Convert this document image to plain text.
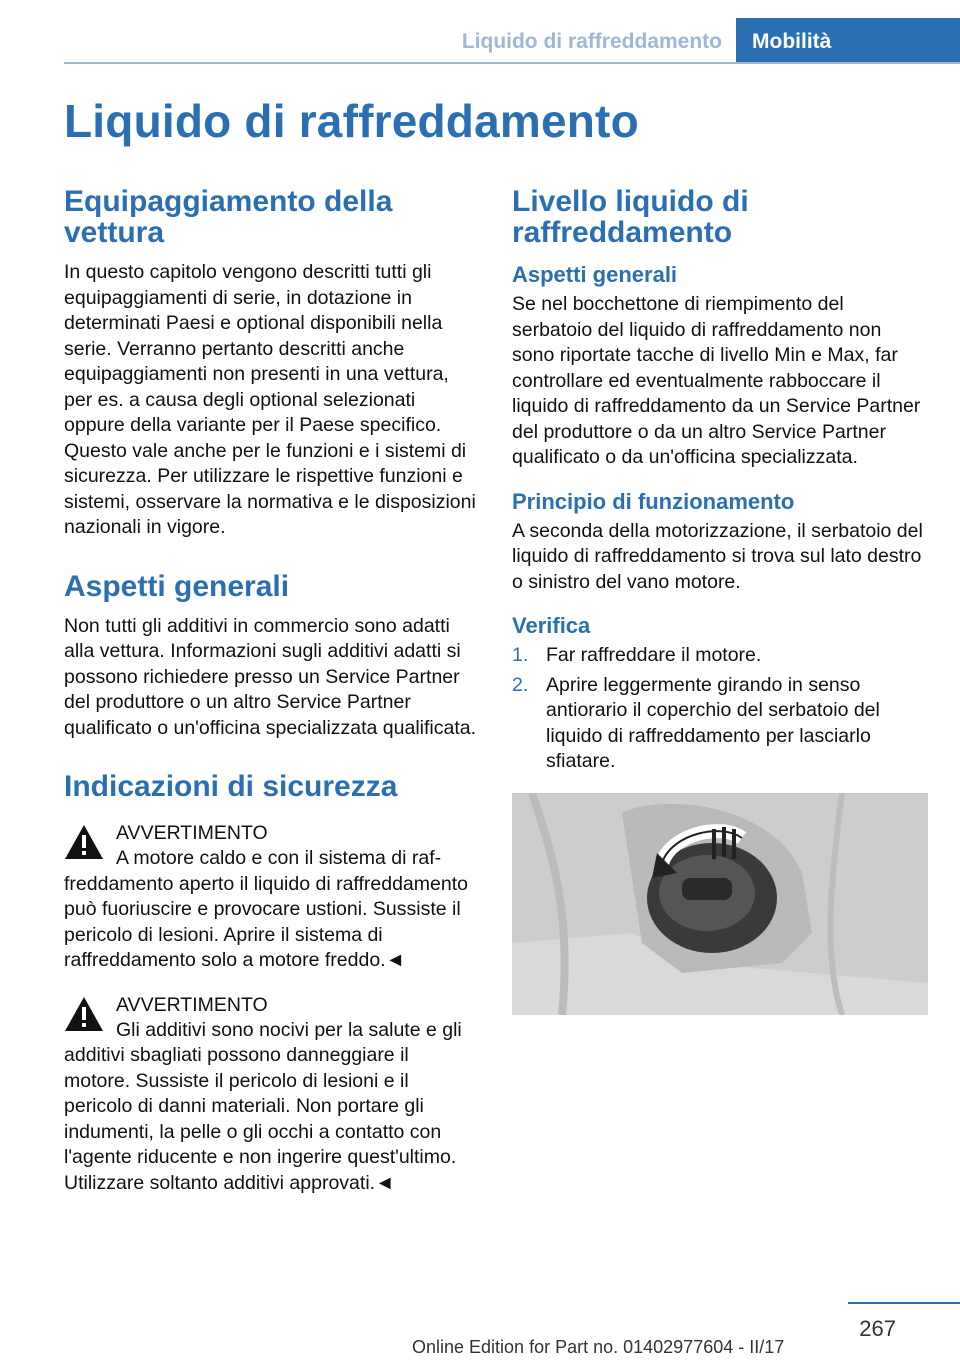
Liquido di raffreddamento	Mobilità
Liquido di raffreddamento
Equipaggiamento della vettura

In questo capitolo vengono descritti tutti gli equipaggiamenti di serie, in dotazione in determinati Paesi e optional disponibili nella serie. Verranno pertanto descritti anche equipaggiamenti non presenti in una vettura, per es. a causa degli optional selezionati oppure della variante per il Paese specifico. Questo vale anche per le funzioni e i sistemi di sicurezza. Per utilizzare le rispettive funzioni e sistemi, osservare la normativa e le disposizioni nazionali in vigore.

Aspetti generali

Non tutti gli additivi in commercio sono adatti alla vettura. Informazioni sugli additivi adatti si possono richiedere presso un Service Partner del produttore o un altro Service Partner qualificato o un'officina specializzata qualificata.

Indicazioni di sicurezza
AVVERTIMENTO
A motore caldo e con il sistema di raf-
freddamento aperto il liquido di raffreddamento può fuoriuscire e provocare ustioni. Sussiste il pericolo di lesioni. Aprire il sistema di raffreddamento solo a motore freddo.◄
AVVERTIMENTO
Gli additivi sono nocivi per la salute e gli
additivi sbagliati possono danneggiare il motore. Sussiste il pericolo di lesioni e il pericolo di danni materiali. Non portare gli indumenti, la pelle o gli occhi a contatto con l'agente riducente e non ingerire quest'ultimo. Utilizzare soltanto additivi approvati.◄
Livello liquido di raffreddamento
Aspetti generali

Se nel bocchettone di riempimento del serbatoio del liquido di raffreddamento non sono riportate tacche di livello Min e Max, far controllare ed eventualmente rabboccare il liquido di raffreddamento da un Service Partner del produttore o da un altro Service Partner qualificato o da un'officina specializzata.

Principio di funzionamento

A seconda della motorizzazione, il serbatoio del liquido di raffreddamento si trova sul lato destro o sinistro del vano motore.

Verifica
1. Far raffreddare il motore.
2. Aprire leggermente girando in senso antiorario il coperchio del serbatoio del liquido di raffreddamento per lasciarlo sfiatare.
267
Online Edition for Part no. 01402977604 - II/17
